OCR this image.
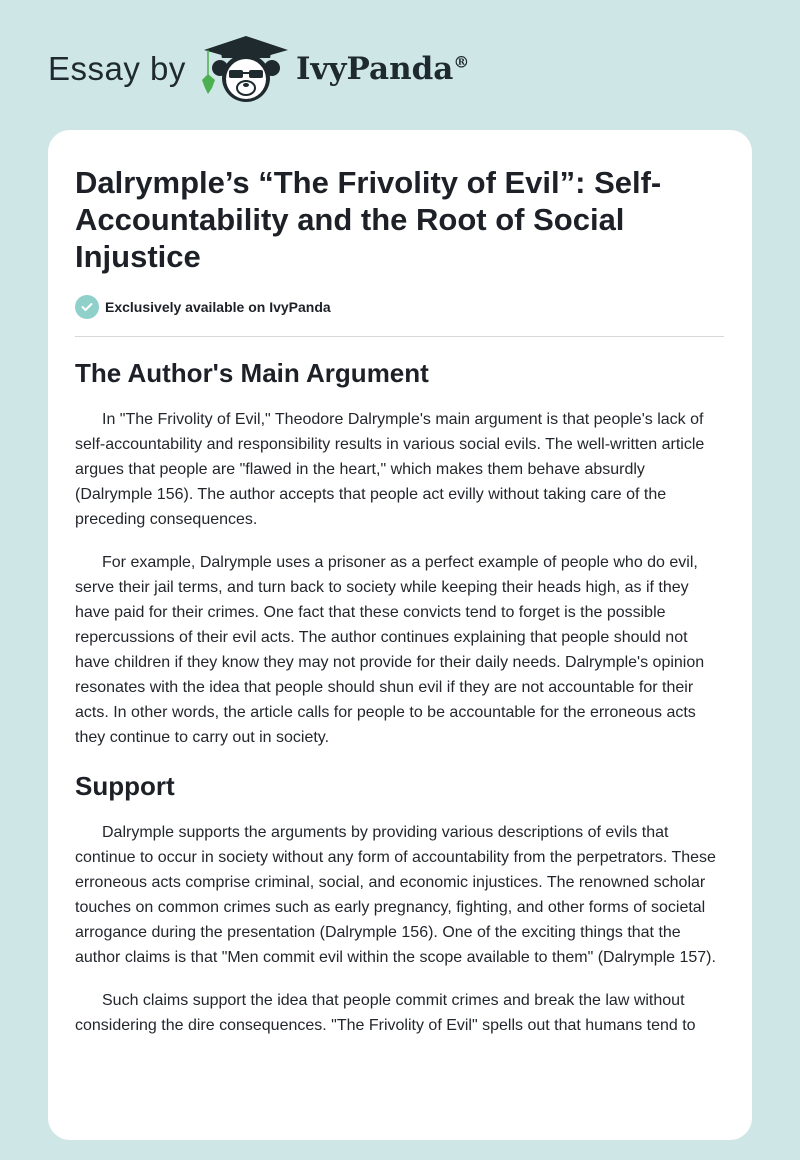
Essay by	IvyPanda®
Dalrymple’s “The Frivolity of Evil”: Self-Accountability and the Root of Social Injustice
Exclusively available on IvyPanda
The Author's Main Argument

In "The Frivolity of Evil," Theodore Dalrymple's main argument is that people's lack of self-accountability and responsibility results in various social evils. The well-written article argues that people are "flawed in the heart," which makes them behave absurdly (Dalrymple 156). The author accepts that people act evilly without taking care of the preceding consequences.

For example, Dalrymple uses a prisoner as a perfect example of people who do evil, serve their jail terms, and turn back to society while keeping their heads high, as if they have paid for their crimes. One fact that these convicts tend to forget is the possible repercussions of their evil acts. The author continues explaining that people should not have children if they know they may not provide for their daily needs. Dalrymple's opinion resonates with the idea that people should shun evil if they are not accountable for their acts. In other words, the article calls for people to be accountable for the erroneous acts they continue to carry out in society.

Support

Dalrymple supports the arguments by providing various descriptions of evils that continue to occur in society without any form of accountability from the perpetrators. These erroneous acts comprise criminal, social, and economic injustices. The renowned scholar touches on common crimes such as early pregnancy, fighting, and other forms of societal arrogance during the presentation (Dalrymple 156). One of the exciting things that the author claims is that "Men commit evil within the scope available to them" (Dalrymple 157).

Such claims support the idea that people commit crimes and break the law without considering the dire consequences. "The Frivolity of Evil" spells out that humans tend to
